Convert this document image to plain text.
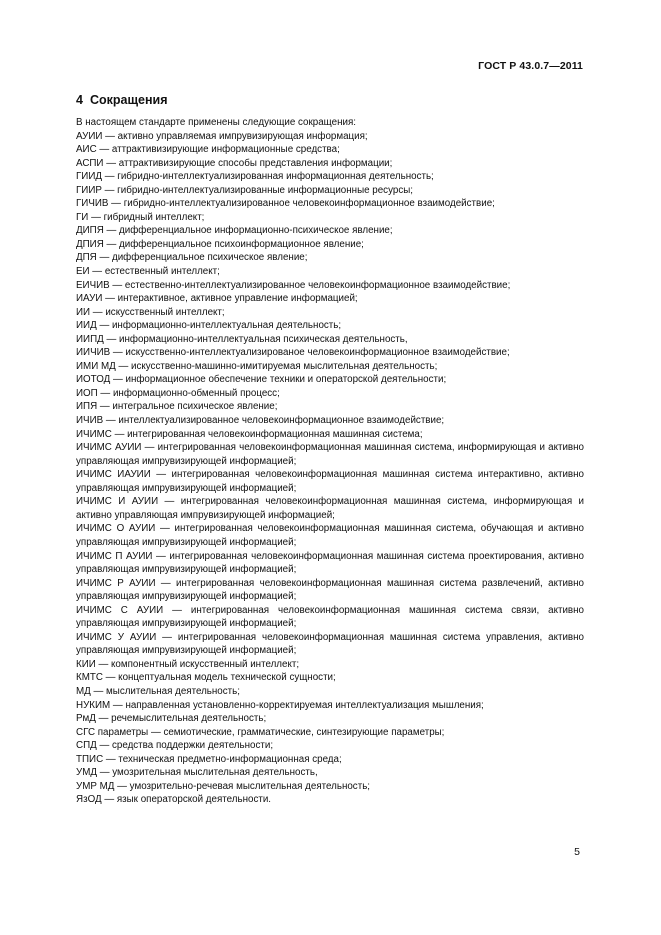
ГОСТ Р 43.0.7—2011
4 Сокращения

В настоящем стандарте применены следующие сокращения:

АУИИ — активно управляемая импрувизирующая информация;

АИС — аттрактивизирующие информационные средства;

АСПИ — аттрактивизирующие способы представления информации;

ГИИД — гибридно-интеллектуализированная информационная деятельность;

ГИИР — гибридно-интеллектуализированные информационные ресурсы;

ГИЧИВ — гибридно-интеллектуализированное человекоинформационное взаимодействие;

ГИ — гибридный интеллект;

ДИПЯ — дифференциальное информационно-психическое явление;

ДПИЯ — дифференциальное психоинформационное явление;

ДПЯ — дифференциальное психическое явление;

ЕИ — естественный интеллект;

ЕИЧИВ — естественно-интеллектуализированное человекоинформационное взаимодействие;

ИАУИ — интерактивное, активное управление информацией;

ИИ — искусственный интеллект;

ИИД — информационно-интеллектуальная деятельность;

ИИПД — информационно-интеллектуальная психическая деятельность,

ИИЧИВ — искусственно-интеллектуализированое человекоинформационное взаимодействие;

ИМИ МД — искусственно-машинно-имитируемая мыслительная деятельность;

ИОТОД — информационное обеспечение техники и операторской деятельности;

ИОП — информационно-обменный процесс;

ИПЯ — интегральное психическое явление;

ИЧИВ — интеллектуализированное человекоинформационное взаимодействие;

ИЧИМС — интегрированная человекоинформационная машинная система;

ИЧИМС АУИИ — интегрированная человекоинформационная машинная система, информирующая и активно управляющая импрувизирующей информацией;

ИЧИМС ИАУИИ — интегрированная человекоинформационная машинная система интерактивно, активно управляющая импрувизирующей информацией;

ИЧИМС И АУИИ — интегрированная человекоинформационная машинная система, информирующая и активно управляющая импрувизирующей информацией;

ИЧИМС О АУИИ — интегрированная человекоинформационная машинная система, обучающая и активно управляющая импрувизирующей информацией;

ИЧИМС П АУИИ — интегрированная человекоинформационная машинная система проектирования, активно управляющая импрувизирующей информацией;

ИЧИМС Р АУИИ — интегрированная человекоинформационная машинная система развлечений, активно управляющая импрувизирующей информацией;

ИЧИМС С АУИИ — интегрированная человекоинформационная машинная система связи, активно управляющая импрувизирующей информацией;

ИЧИМС У АУИИ — интегрированная человекоинформационная машинная система управления, активно управляющая импрувизирующей информацией;

КИИ — компонентный искусственный интеллект;

КМТС — концептуальная модель технической сущности;

МД — мыслительная деятельность;

НУКИМ — направленная установленно-корректируемая интеллектуализация мышления;

РмД — речемыслительная деятельность;

СГС параметры — семиотические, грамматические, синтезирующие параметры;

СПД — средства поддержки деятельности;

ТПИС — техническая предметно-информационная среда;

УМД — умозрительная мыслительная деятельность,

УМР МД — умозрительно-речевая мыслительная деятельность;

ЯзОД — язык операторской деятельности.

5
